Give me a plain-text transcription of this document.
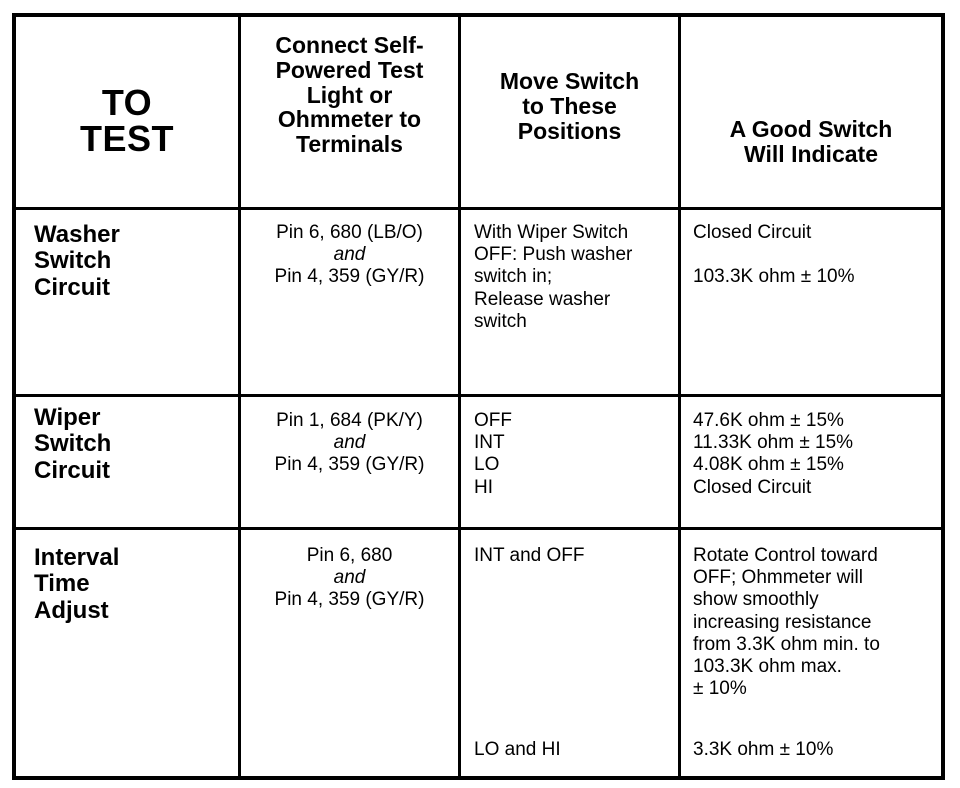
TO
TEST
Connect Self-
Powered Test
Light or
Ohmmeter to
Terminals
Move Switch
to These
Positions	A Good Switch
Will Indicate
Washer
Switch
Circuit
Pin 6, 680 (LB/O)
and
Pin 4, 359 (GY/R)
With Wiper Switch
OFF: Push washer
switch in;
Release washer
switch
Closed Circuit
103.3K ohm ± 10%
Wiper
Switch
Circuit
Pin 1, 684 (PK/Y)
and
Pin 4, 359 (GY/R)
OFF
INT
LO
HI
47.6K ohm ± 15%
11.33K ohm ± 15%
4.08K ohm ± 15%
Closed Circuit
Interval
Time
Adjust
Pin 6, 680
and
Pin 4, 359 (GY/R)
INT and OFF
LO and HI
Rotate Control toward
OFF; Ohmmeter will
show smoothly
increasing resistance
from 3.3K ohm min. to
103.3K ohm max.
± 10%
3.3K ohm ± 10%
